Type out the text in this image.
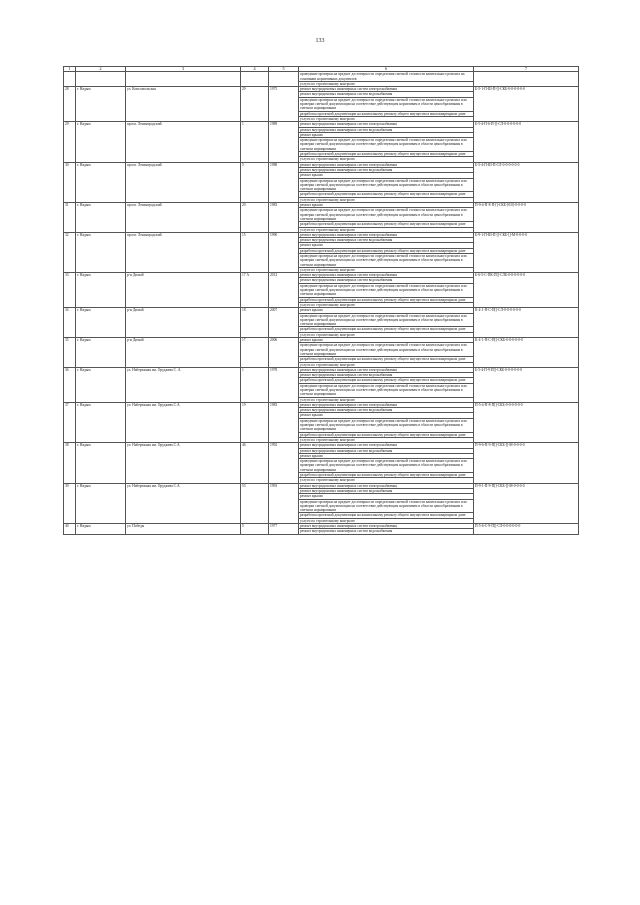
133
1	2	3	4	5	6	7
					проведение проверки на предмет достоверности определения сметной стоимости капитального ремонта на основании нормативных документов	
					услуги по строительному контролю	
28	г. Надым	ул. Комсомольская	29	1975	ремонт внутридомовых инженерных систем электроснабжения	Б-5-1-П-Ш-П-[]-СКБ-0-0-0-0-0-0
					ремонт внутридомовых инженерных систем водоснабжения	
					проведение проверки на предмет достоверности определения сметной стоимости капитального ремонта или проверки сметной документации на соответствие действующим нормативам в области ценообразования в сметном нормировании	
					разработка проектной документации на капитальному ремонту общего имущества в многоквартирном доме	
					услуги по строительному контролю	
29	г. Надым	просп. Ленинградский	1	1989	ремонт внутридомовых инженерных систем электроснабжения	Б-5-4-П-6-П-[]-СЛ-0-0-0-0-0-0
					ремонт внутридомовых инженерных систем водоснабжения	
					ремонт крыши	
					проведение проверки на предмет достоверности определения сметной стоимости капитального ремонта или проверки сметной документации на соответствие действующим нормативам в области ценообразования в сметном нормировании	
					разработка проектной документации на капитальному ремонту общего имущества в многоквартирном доме	
					услуги по строительному контролю	
30	г. Надым	просп. Ленинградский	5	1988	ремонт внутридомовых инженерных систем электроснабжения	Б-5-4-П-Ш-П-СЛ-0-0-0-0-0-0
					ремонт внутридомовых инженерных систем водоснабжения	
					ремонт крыши	
					проведение проверки на предмет достоверности определения сметной стоимости капитального ремонта или проверки сметной документации на соответствие действующим нормативам в области ценообразования в сметном нормировании	
					разработка проектной документации на капитальному ремонту общего имущества в многоквартирном доме	
					услуги по строительному контролю	
31	г. Надым	просп. Ленинградский	20	1983	ремонт крыши	П-9-4-П-8-П-[]-СКБ-[0/0]-0-0-0-0
					проведение проверки на предмет достоверности определения сметной стоимости капитального ремонта или проверки сметной документации на соответствие действующим нормативам в области ценообразования в сметном нормировании	
					разработка проектной документации на капитальному ремонту общего имущества в многоквартирном доме	
					услуги по строительному контролю	
32	г. Надым	просп. Ленинградский	15	1990	ремонт внутридомовых инженерных систем электроснабжения	Б-9-1-П-Ш-П-[]-СКБ-[]-М-0-0-0-0
					ремонт внутридомовых инженерных систем водоснабжения	
					ремонт крыши	
					разработка проектной документации на капитальному ремонту общего имущества в многоквартирном доме	
					проведение проверки на предмет достоверности определения сметной стоимости капитального ремонта или проверки сметной документации на соответствие действующим нормативам в области ценообразования в сметном нормировании	
					услуги по строительному контролю	
33	г. Надым	р-н Дюной	17 А	2012	ремонт внутридомовых инженерных систем электроснабжения	Б-6-5-С-ПК-П[]-СЛБ-0-0-0-0-0-0
					ремонт внутридомовых инженерных систем водоснабжения	
					проведение проверки на предмет достоверности определения сметной стоимости капитального ремонта или проверки сметной документации на соответствие действующим нормативам в области ценообразования в сметном нормировании	
					разработка проектной документации на капитальному ремонту общего имущества в многоквартирном доме	
					услуги по строительному контролю	
34	г. Надым	р-н Дюной	18	2007	ремонт крыши	К-4-1-П-С-П[]-СЛ-0-0-0-0-0-0
					проведение проверки на предмет достоверности определения сметной стоимости капитального ремонта или проверки сметной документации на соответствие действующим нормативам в области ценообразования в сметном нормировании	
					разработка проектной документации на капитальному ремонту общего имущества в многоквартирном доме	
					услуги по строительному контролю	
35	г. Надым	р-н Дюной	17	2006	ремонт крыши	К-4-1-П-С-П[]-СКБ-0-0-0-0-0-0
					проведение проверки на предмет достоверности определения сметной стоимости капитального ремонта или проверки сметной документации на соответствие действующим нормативам в области ценообразования в сметном нормировании	
					разработка проектной документации на капитальному ремонту общего имущества в многоквартирном доме	
					услуги по строительному контролю	
36	г. Надым	ул. Набережная им. Оруджева С. А.	1	1978	ремонт внутридомовых инженерных систем электроснабжения	Б-5-4-П-9-П[]-СКБ-0-0-0-0-0-0
					ремонт внутридомовых инженерных систем водоснабжения	
					разработка проектной документации на капитальному ремонту общего имущества в многоквартирном доме	
					проведение проверки на предмет достоверности определения сметной стоимости капитального ремонта или проверки сметной документации на соответствие действующим нормативам в области ценообразования в сметном нормировании	
					услуги по строительному контролю	
37	г. Надым	ул. Набережная им. Оруджева С.А.	19	1983	ремонт внутридомовых инженерных систем электроснабжения	П-5-4-П-8-П[]-СКБ-0-0-0-0-0-0
					ремонт внутридомовых инженерных систем водоснабжения	
					ремонт крыши	
					проведение проверки на предмет достоверности определения сметной стоимости капитального ремонта или проверки сметной документации на соответствие действующим нормативам в области ценообразования в сметном нормировании	
					разработка проектной документации на капитальному ремонту общего имущества в многоквартирном доме	
					услуги по строительному контролю	
38	г. Надым	ул. Набережная им. Оруджева С.А.	46	1992	ремонт внутридомовых инженерных систем электроснабжения	П-9-6-П-9-П[]-СКБ-[]-М-0-0-0-0
					ремонт внутридомовых инженерных систем водоснабжения	
					ремонт крыши	
					проведение проверки на предмет достоверности определения сметной стоимости капитального ремонта или проверки сметной документации на соответствие действующим нормативам в области ценообразования в сметном нормировании	
					разработка проектной документации на капитальному ремонту общего имущества в многоквартирном доме	
					услуги по строительному контролю	
39	г. Надым	ул. Набережная им. Оруджева С.А.	53	1993	ремонт внутридомовых инженерных систем электроснабжения	П-9-1-П-9-П[]-СКБ-[]-М-0-0-0-0
					ремонт внутридомовых инженерных систем водоснабжения	
					ремонт крыши	
					проведение проверки на предмет достоверности определения сметной стоимости капитального ремонта или проверки сметной документации на соответствие действующим нормативам в области ценообразования в сметном нормировании	
					разработка проектной документации на капитальному ремонту общего имущества в многоквартирном доме	
					услуги по строительному контролю	
40	г. Надым	ул. Победы	5	1977	ремонт внутридомовых инженерных систем электроснабжения	П-5-6-С-9-П[]-СЛ-0-0-0-0-0-0
					ремонт внутридомовых инженерных систем водоснабжения	
